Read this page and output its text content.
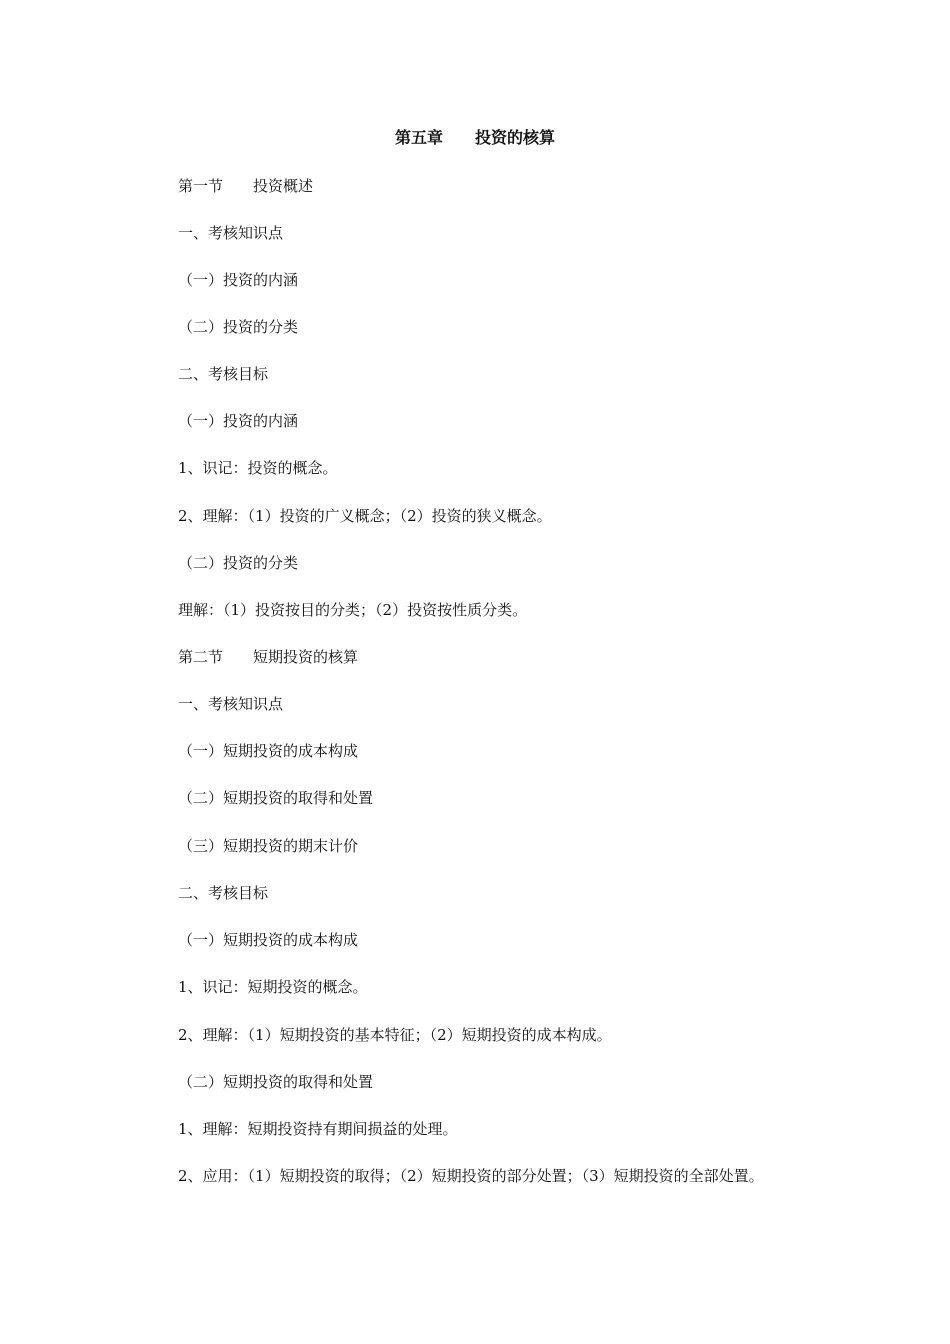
第五章　　投资的核算
第一节　　投资概述
一、考核知识点
（一）投资的内涵
（二）投资的分类
二、考核目标
（一）投资的内涵
1、识记：投资的概念。
2、理解：（1）投资的广义概念；（2）投资的狭义概念。
（二）投资的分类
理解：（1）投资按目的分类；（2）投资按性质分类。
第二节　　短期投资的核算
一、考核知识点
（一）短期投资的成本构成
（二）短期投资的取得和处置
（三）短期投资的期末计价
二、考核目标
（一）短期投资的成本构成
1、识记：短期投资的概念。
2、理解：（1）短期投资的基本特征；（2）短期投资的成本构成。
（二）短期投资的取得和处置
1、理解：短期投资持有期间损益的处理。
2、应用：（1）短期投资的取得；（2）短期投资的部分处置；（3）短期投资的全部处置。
